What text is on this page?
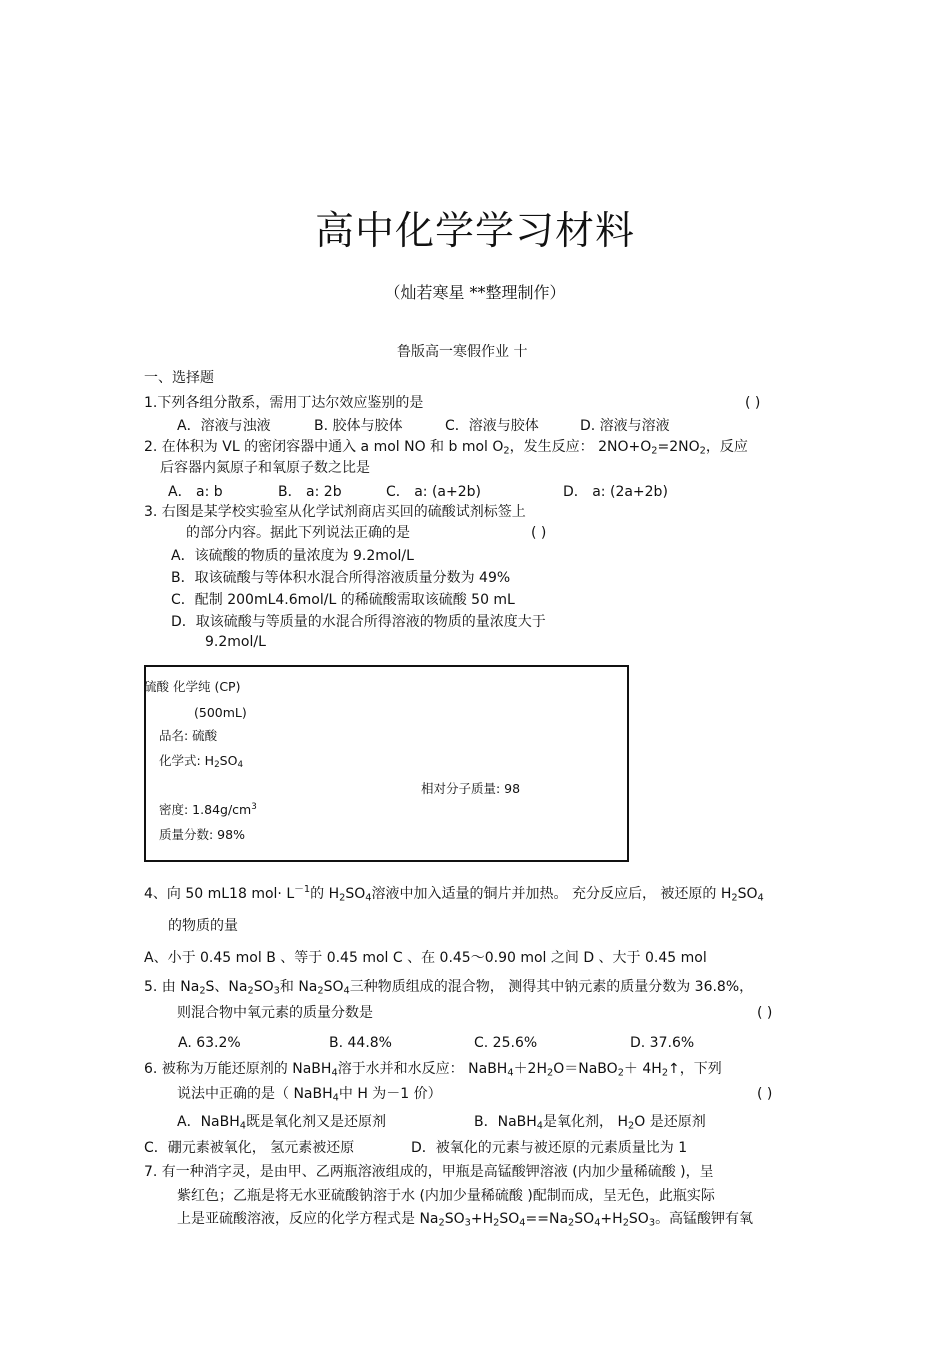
高中化学学习材料
（灿若寒星 **整理制作）
鲁版高一寒假作业 十
一、选择题
1.下列各组分散系，需用丁达尔效应鉴别的是	( )
A．溶液与浊液	B. 胶体与胶体	C．溶液与胶体	D. 溶液与溶液
2. 在体积为 VL 的密闭容器中通入 a mol NO 和 b mol $O_2$，发生反应： $2NO+O_2=2NO_2$，反应
后容器内氮原子和氧原子数之比是
A． a: b	B． a: 2b	C． a: (a+2b)	D． a: (2a+2b)
3. 右图是某学校实验室从化学试剂商店买回的硫酸试剂标签上
的部分内容。据此下列说法正确的是	( )
A．该硫酸的物质的量浓度为 9.2mol/L
B．取该硫酸与等体积水混合所得溶液质量分数为 49%
C．配制 200mL4.6mol/L 的稀硫酸需取该硫酸 50 mL
D．取该硫酸与等质量的水混合所得溶液的物质的量浓度大于
9.2mol/L
硫酸 化学纯 (CP)
(500mL)
品名: 硫酸
化学式: $H_2SO_4$
相对分子质量: 98
密度: $1.84g/cm^3$
质量分数: 98%
4、向 50 mL18 $mol\cdot L^{-1}$的 $H_2SO_4$溶液中加入适量的铜片并加热。 充分反应后， 被还原的 $H_2SO_4$
的物质的量
A、小于 0.45 mol B 、等于 0.45 mol C 、在 0.45～0.90 mol 之间 D 、大于 0.45 mol
5. 由 $Na_2S$、$Na_2SO_3$和 $Na_2SO_4$三种物质组成的混合物， 测得其中钠元素的质量分数为 36.8%，
则混合物中氧元素的质量分数是	( )
A. 63.2%	B. 44.8%	C. 25.6%	D. 37.6%
6. 被称为万能还原剂的 NaBH$_4$溶于水并和水反应： $NaBH_4+2H_2O=NaBO_2+$ $4H_2↑$，下列
说法中正确的是（ NaBH$_4$中 H 为－1 价）	( )
A．NaBH$_4$既是氧化剂又是还原剂	B．NaBH$_4$是氧化剂， $H_2O$ 是还原剂
C．硼元素被氧化， 氢元素被还原	D．被氧化的元素与被还原的元素质量比为 1
7. 有一种消字灵，是由甲、乙两瓶溶液组成的，甲瓶是高锰酸钾溶液 (内加少量稀硫酸 )，呈
紫红色；乙瓶是将无水亚硫酸钠溶于水 (内加少量稀硫酸 )配制而成，呈无色，此瓶实际
上是亚硫酸溶液，反应的化学方程式是 $Na_2SO_3+H_2SO_4==Na_2SO_4+H_2SO_3$。高锰酸钾有氧
